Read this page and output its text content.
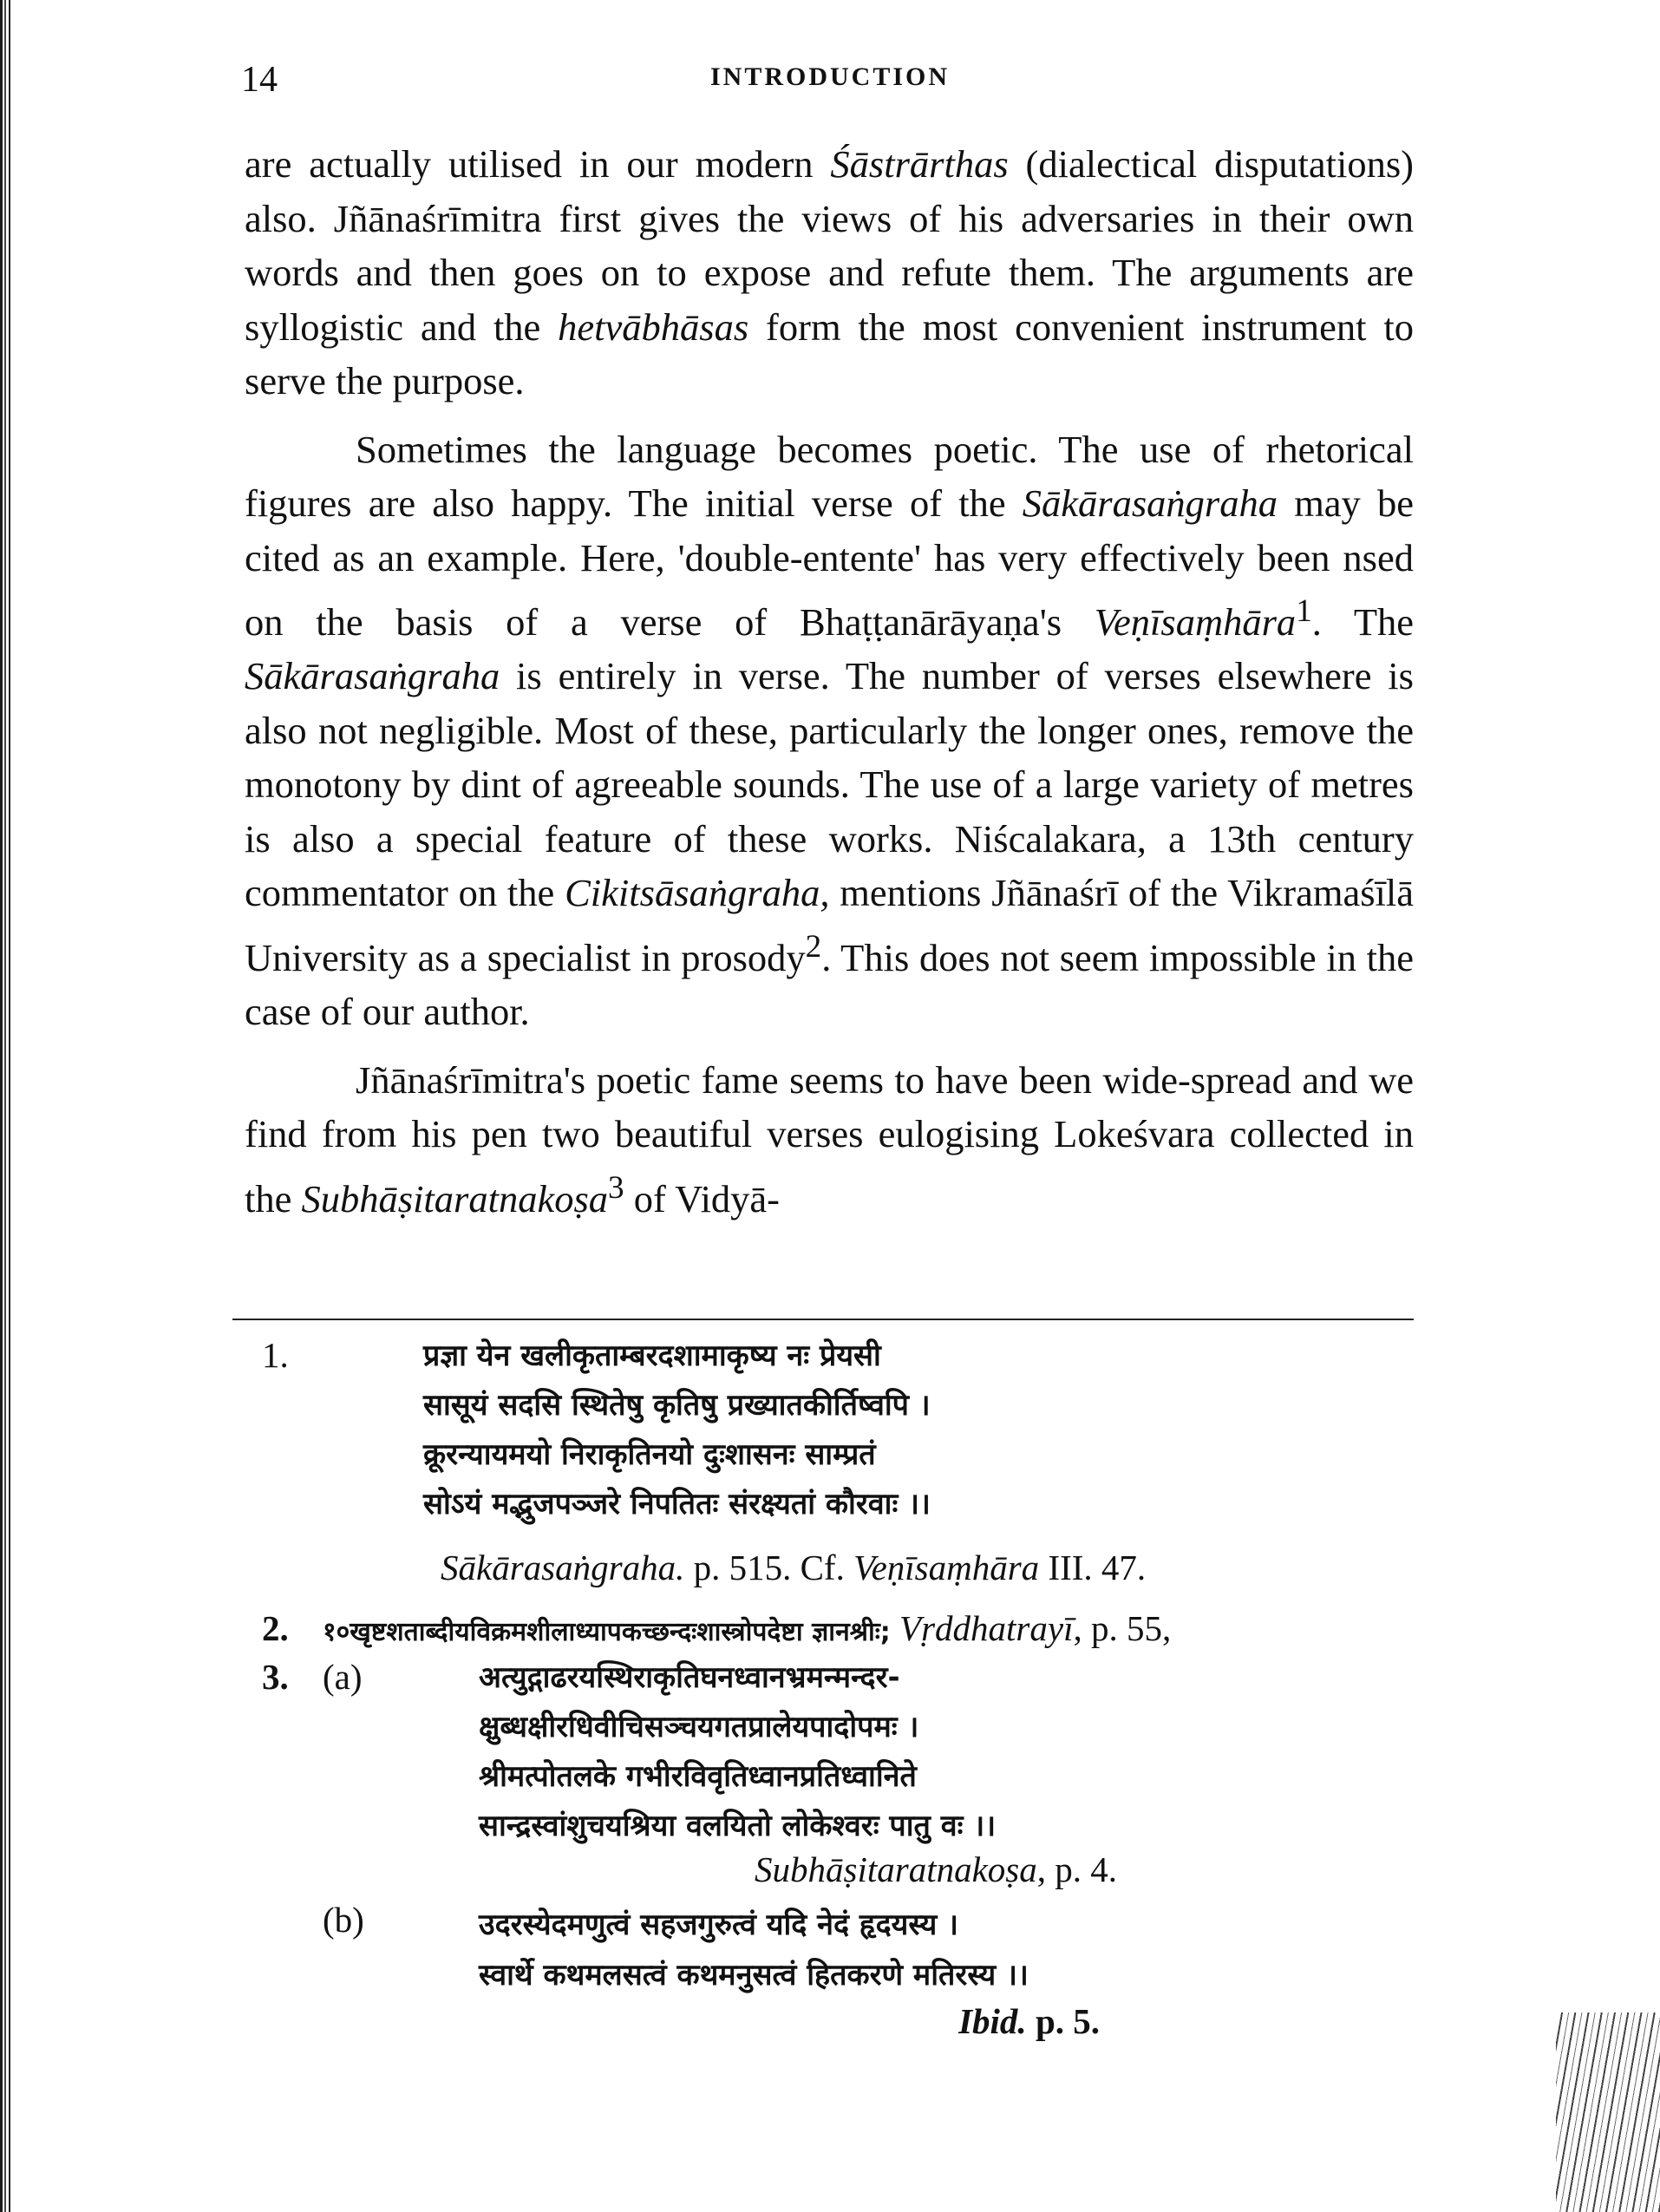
14	INTRODUCTION

are actually utilised in our modern Śāstrārthas (dialectical disputations) also. Jñānaśrīmitra first gives the views of his adversaries in their own words and then goes on to expose and refute them. The arguments are syllogistic and the hetvābhāsas form the most convenient instrument to serve the purpose.

Sometimes the language becomes poetic. The use of rhetorical figures are also happy. The initial verse of the Sākārasaṅgraha may be cited as an example. Here, 'double-entente' has very effectively been nsed on the basis of a verse of Bhaṭṭanārāyaṇa's Veṇīsaṃhāra$^1$. The Sākārasaṅgraha is entirely in verse. The number of verses elsewhere is also not negligible. Most of these, particularly the longer ones, remove the monotony by dint of agreeable sounds. The use of a large variety of metres is also a special feature of these works. Niścalakara, a 13th century commentator on the Cikitsāsaṅgraha, mentions Jñānaśrī of the Vikramaśīlā University as a specialist in prosody$^2$. This does not seem impossible in the case of our author.

Jñānaśrīmitra's poetic fame seems to have been wide-spread and we find from his pen two beautiful verses eulogising Lokeśvara collected in the Subhāṣitaratnakoṣa$^3$ of Vidyā-

1.	प्रज्ञा येन खलीकृताम्बरदशामाकृष्य नः प्रेयसी
सासूयं सदसि स्थितेषु कृतिषु प्रख्यातकीर्तिष्वपि ।
क्रूरन्यायमयो निराकृतिनयो दुःशासनः साम्प्रतं
सोऽयं मद्भुजपञ्जरे निपतितः संरक्ष्यतां कौरवाः ।।
Sākārasaṅgraha. p. 515. Cf. Veṇīsaṃhāra III. 47.
2. १०खृष्टशताब्दीयविक्रमशीलाध्यापकच्छन्दःशास्त्रोपदेष्टा ज्ञानश्रीः; Vṛddhatrayī, p. 55,
3. (a)	अत्युद्गाढरयस्थिराकृतिघनध्वानभ्रमन्मन्दर-
क्षुब्धक्षीरधिवीचिसञ्चयगतप्रालेयपादोपमः ।
श्रीमत्पोतलके गभीरविवृतिध्वानप्रतिध्वानिते
सान्द्रस्वांशुचयश्रिया वलयितो लोकेश्वरः पातु वः ।।
Subhāṣitaratnakoṣa, p. 4.
(b)	उदरस्येदमणुत्वं सहजगुरुत्वं यदि नेदं हृदयस्य ।
स्वार्थे कथमलसत्वं कथमनुसत्वं हितकरणे मतिरस्य ।।
Ibid. p. 5.
